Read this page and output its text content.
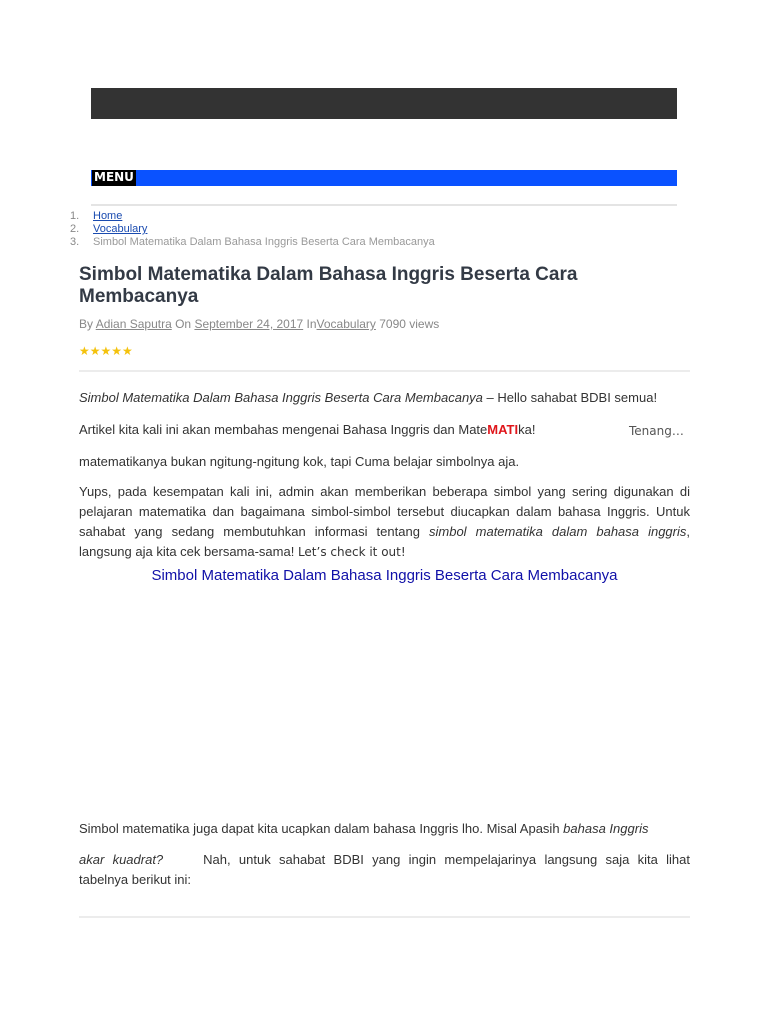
MENU
1.	Home
2.	Vocabulary
3.	Simbol Matematika Dalam Bahasa Inggris Beserta Cara Membacanya
Simbol Matematika Dalam Bahasa Inggris Beserta Cara Membacanya
By Adian Saputra On September 24, 2017 InVocabulary 7090 views
★★★★★
Simbol Matematika Dalam Bahasa Inggris Beserta Cara Membacanya – Hello sahabat BDBI semua!
Artikel kita kali ini akan membahas mengenai Bahasa Inggris dan MateMATIka!	Tenang…
matematikanya bukan ngitung-ngitung kok, tapi Cuma belajar simbolnya aja.
Yups, pada kesempatan kali ini, admin akan memberikan beberapa simbol yang sering digunakan di pelajaran matematika dan bagaimana simbol-simbol tersebut diucapkan dalam bahasa Inggris. Untuk sahabat yang sedang membutuhkan informasi tentang simbol matematika dalam bahasa inggris, langsung aja kita cek bersama-sama! Let’s check it out!
Simbol Matematika Dalam Bahasa Inggris Beserta Cara Membacanya
Simbol matematika juga dapat kita ucapkan dalam bahasa Inggris lho. Misal Apasih bahasa Inggris
akar kuadrat?	Nah, untuk sahabat BDBI yang ingin mempelajarinya langsung saja kita lihat tabelnya berikut ini:
